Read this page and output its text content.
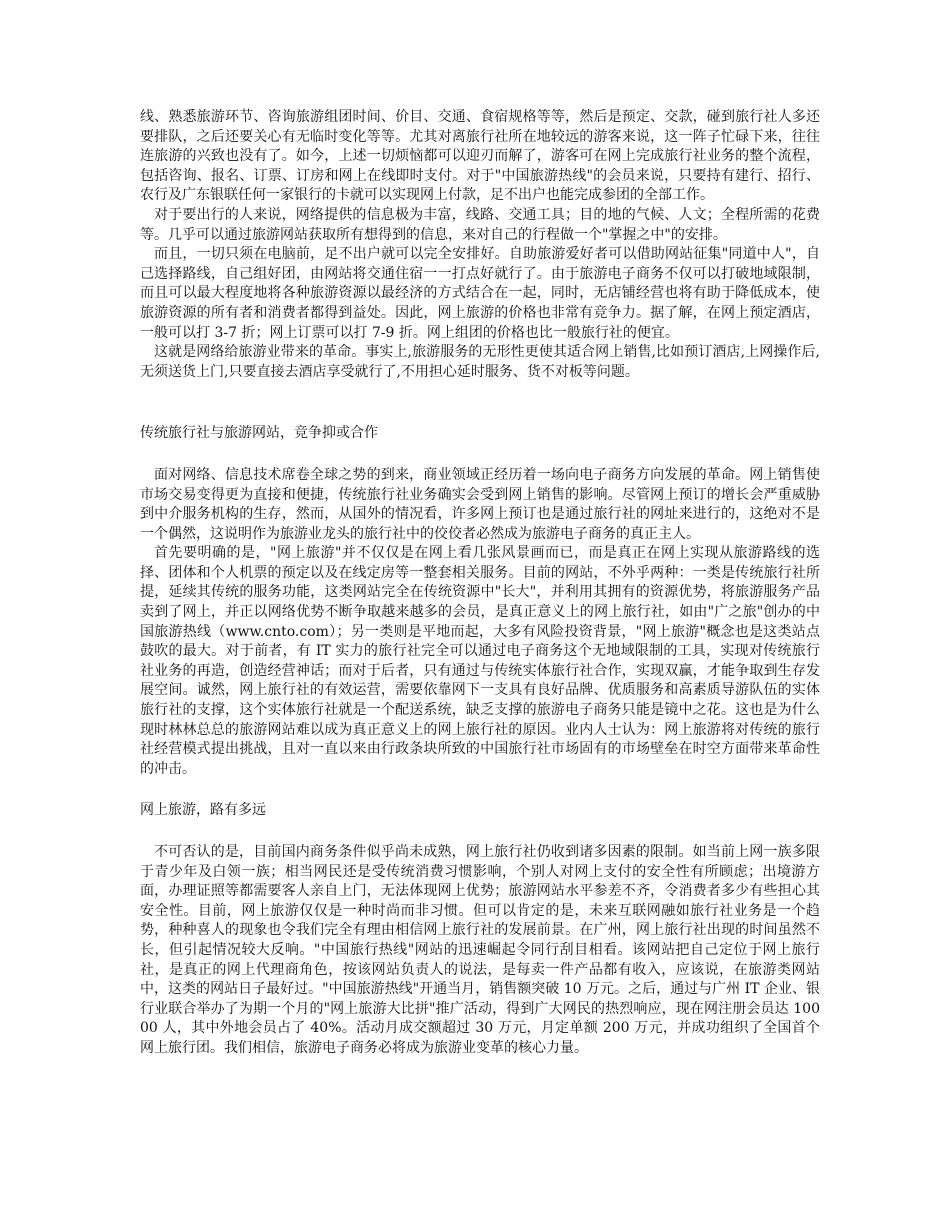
线、熟悉旅游环节、咨询旅游组团时间、价目、交通、食宿规格等等，然后是预定、交款，碰到旅行社人多还要排队，之后还要关心有无临时变化等等。尤其对离旅行社所在地较远的游客来说，这一阵子忙碌下来，往往连旅游的兴致也没有了。如今，上述一切烦恼都可以迎刃而解了，游客可在网上完成旅行社业务的整个流程，包括咨询、报名、订票、订房和网上在线即时支付。对于"中国旅游热线"的会员来说，只要持有建行、招行、农行及广东银联任何一家银行的卡就可以实现网上付款，足不出户也能完成参团的全部工作。

对于要出行的人来说，网络提供的信息极为丰富，线路、交通工具；目的地的气候、人文；全程所需的花费等。几乎可以通过旅游网站获取所有想得到的信息，来对自己的行程做一个"掌握之中"的安排。

而且，一切只须在电脑前，足不出户就可以完全安排好。自助旅游爱好者可以借助网站征集"同道中人"，自己选择路线，自己组好团，由网站将交通住宿一一打点好就行了。由于旅游电子商务不仅可以打破地域限制，而且可以最大程度地将各种旅游资源以最经济的方式结合在一起，同时，无店铺经营也将有助于降低成本，使旅游资源的所有者和消费者都得到益处。因此，网上旅游的价格也非常有竞争力。据了解，在网上预定酒店，一般可以打 3-7 折；网上订票可以打 7-9 折。网上组团的价格也比一般旅行社的便宜。

这就是网络给旅游业带来的革命。事实上,旅游服务的无形性更使其适合网上销售,比如预订酒店,上网操作后,无须送货上门,只要直接去酒店享受就行了,不用担心延时服务、货不对板等问题。

传统旅行社与旅游网站，竞争抑或合作

面对网络、信息技术席卷全球之势的到来，商业领域正经历着一场向电子商务方向发展的革命。网上销售使市场交易变得更为直接和便捷，传统旅行社业务确实会受到网上销售的影响。尽管网上预订的增长会严重威胁到中介服务机构的生存，然而，从国外的情况看，许多网上预订也是通过旅行社的网址来进行的，这绝对不是一个偶然，这说明作为旅游业龙头的旅行社中的佼佼者必然成为旅游电子商务的真正主人。

首先要明确的是，"网上旅游"并不仅仅是在网上看几张风景画而已，而是真正在网上实现从旅游路线的选择、团体和个人机票的预定以及在线定房等一整套相关服务。目前的网站，不外乎两种：一类是传统旅行社所提，延续其传统的服务功能，这类网站完全在传统资源中"长大"，并利用其拥有的资源优势，将旅游服务产品卖到了网上，并正以网络优势不断争取越来越多的会员，是真正意义上的网上旅行社，如由"广之旅"创办的中国旅游热线（www.cnto.com）；另一类则是平地而起，大多有风险投资背景，"网上旅游"概念也是这类站点鼓吹的最大。对于前者，有 IT 实力的旅行社完全可以通过电子商务这个无地域限制的工具，实现对传统旅行社业务的再造，创造经营神话；而对于后者，只有通过与传统实体旅行社合作，实现双赢，才能争取到生存发展空间。诚然，网上旅行社的有效运营，需要依靠网下一支具有良好品牌、优质服务和高素质导游队伍的实体旅行社的支撑，这个实体旅行社就是一个配送系统，缺乏支撑的旅游电子商务只能是镜中之花。这也是为什么现时林林总总的旅游网站难以成为真正意义上的网上旅行社的原因。业内人士认为：网上旅游将对传统的旅行社经营模式提出挑战，且对一直以来由行政条块所致的中国旅行社市场固有的市场壁垒在时空方面带来革命性的冲击。

网上旅游，路有多远

不可否认的是，目前国内商务条件似乎尚未成熟，网上旅行社仍收到诸多因素的限制。如当前上网一族多限于青少年及白领一族；相当网民还是受传统消费习惯影响，个别人对网上支付的安全性有所顾虑；出境游方面，办理证照等都需要客人亲自上门，无法体现网上优势；旅游网站水平参差不齐，令消费者多少有些担心其安全性。目前，网上旅游仅仅是一种时尚而非习惯。但可以肯定的是，未来互联网融如旅行社业务是一个趋势，种种喜人的现象也令我们完全有理由相信网上旅行社的发展前景。在广州，网上旅行社出现的时间虽然不长，但引起情况较大反响。"中国旅行热线"网站的迅速崛起令同行刮目相看。该网站把自己定位于网上旅行社，是真正的网上代理商角色，按该网站负责人的说法，是每卖一件产品都有收入，应该说，在旅游类网站中，这类的网站日子最好过。"中国旅游热线"开通当月，销售额突破 10 万元。之后，通过与广州 IT 企业、银行业联合举办了为期一个月的"网上旅游大比拼"推广活动，得到广大网民的热烈响应，现在网注册会员达 10000 人，其中外地会员占了 40%。活动月成交额超过 30 万元，月定单额 200 万元，并成功组织了全国首个网上旅行团。我们相信，旅游电子商务必将成为旅游业变革的核心力量。
